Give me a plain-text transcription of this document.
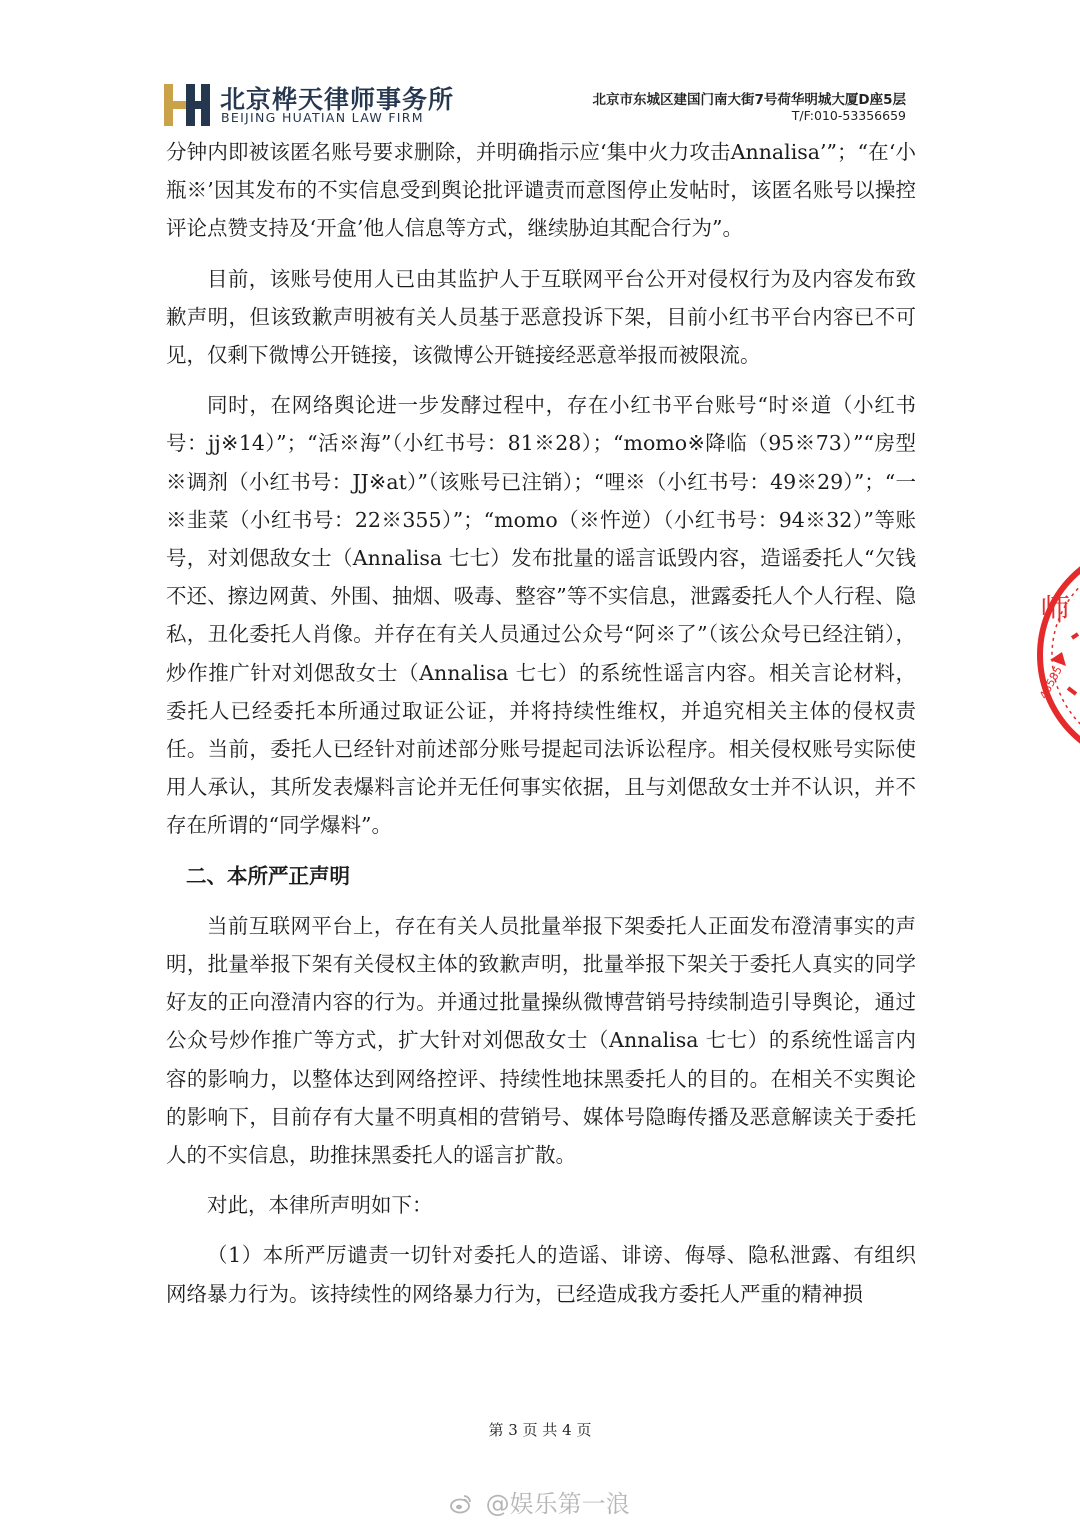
北京桦天律师事务所
BEIJING HUATIAN LAW FIRM
北京市东城区建国门南大街7号荷华明城大厦D座5层
T/F:010-53356659

分钟内即被该匿名账号要求删除，并明确指示应‘集中火力攻击Annalisa’”；“在‘小瓶※’因其发布的不实信息受到舆论批评谴责而意图停止发帖时，该匿名账号以操控评论点赞支持及‘开盒’他人信息等方式，继续胁迫其配合行为”。

目前，该账号使用人已由其监护人于互联网平台公开对侵权行为及内容发布致歉声明，但该致歉声明被有关人员基于恶意投诉下架，目前小红书平台内容已不可见，仅剩下微博公开链接，该微博公开链接经恶意举报而被限流。

同时，在网络舆论进一步发酵过程中，存在小红书平台账号“时※道（小红书号：jj※14）”；“活※海”（小红书号：81※28）；“momo※降临（95※73）”“房型※调剂（小红书号：JJ※at）”（该账号已注销）；“哩※（小红书号：49※29）”；“一※韭菜（小红书号：22※355）”；“momo（※忤逆）（小红书号：94※32）”等账号，对刘偲敌女士（Annalisa 七七）发布批量的谣言诋毁内容，造谣委托人“欠钱不还、擦边网黄、外围、抽烟、吸毒、整容”等不实信息，泄露委托人个人行程、隐私，丑化委托人肖像。并存在有关人员通过公众号“阿※了”（该公众号已经注销），炒作推广针对刘偲敌女士（Annalisa 七七）的系统性谣言内容。相关言论材料，委托人已经委托本所通过取证公证，并将持续性维权，并追究相关主体的侵权责任。当前，委托人已经针对前述部分账号提起司法诉讼程序。相关侵权账号实际使用人承认，其所发表爆料言论并无任何事实依据，且与刘偲敌女士并不认识，并不存在所谓的“同学爆料”。

二、本所严正声明

当前互联网平台上，存在有关人员批量举报下架委托人正面发布澄清事实的声明，批量举报下架有关侵权主体的致歉声明，批量举报下架关于委托人真实的同学好友的正向澄清内容的行为。并通过批量操纵微博营销号持续制造引导舆论，通过公众号炒作推广等方式，扩大针对刘偲敌女士（Annalisa 七七）的系统性谣言内容的影响力，以整体达到网络控评、持续性地抹黑委托人的目的。在相关不实舆论的影响下，目前存有大量不明真相的营销号、媒体号隐晦传播及恶意解读关于委托人的不实信息，助推抹黑委托人的谣言扩散。

对此，本律所声明如下：

（1）本所严厉谴责一切针对委托人的造谣、诽谤、侮辱、隐私泄露、有组织网络暴力行为。该持续性的网络暴力行为，已经造成我方委托人严重的精神损

师
46585
第 3 页 共 4 页
@娱乐第一浪
